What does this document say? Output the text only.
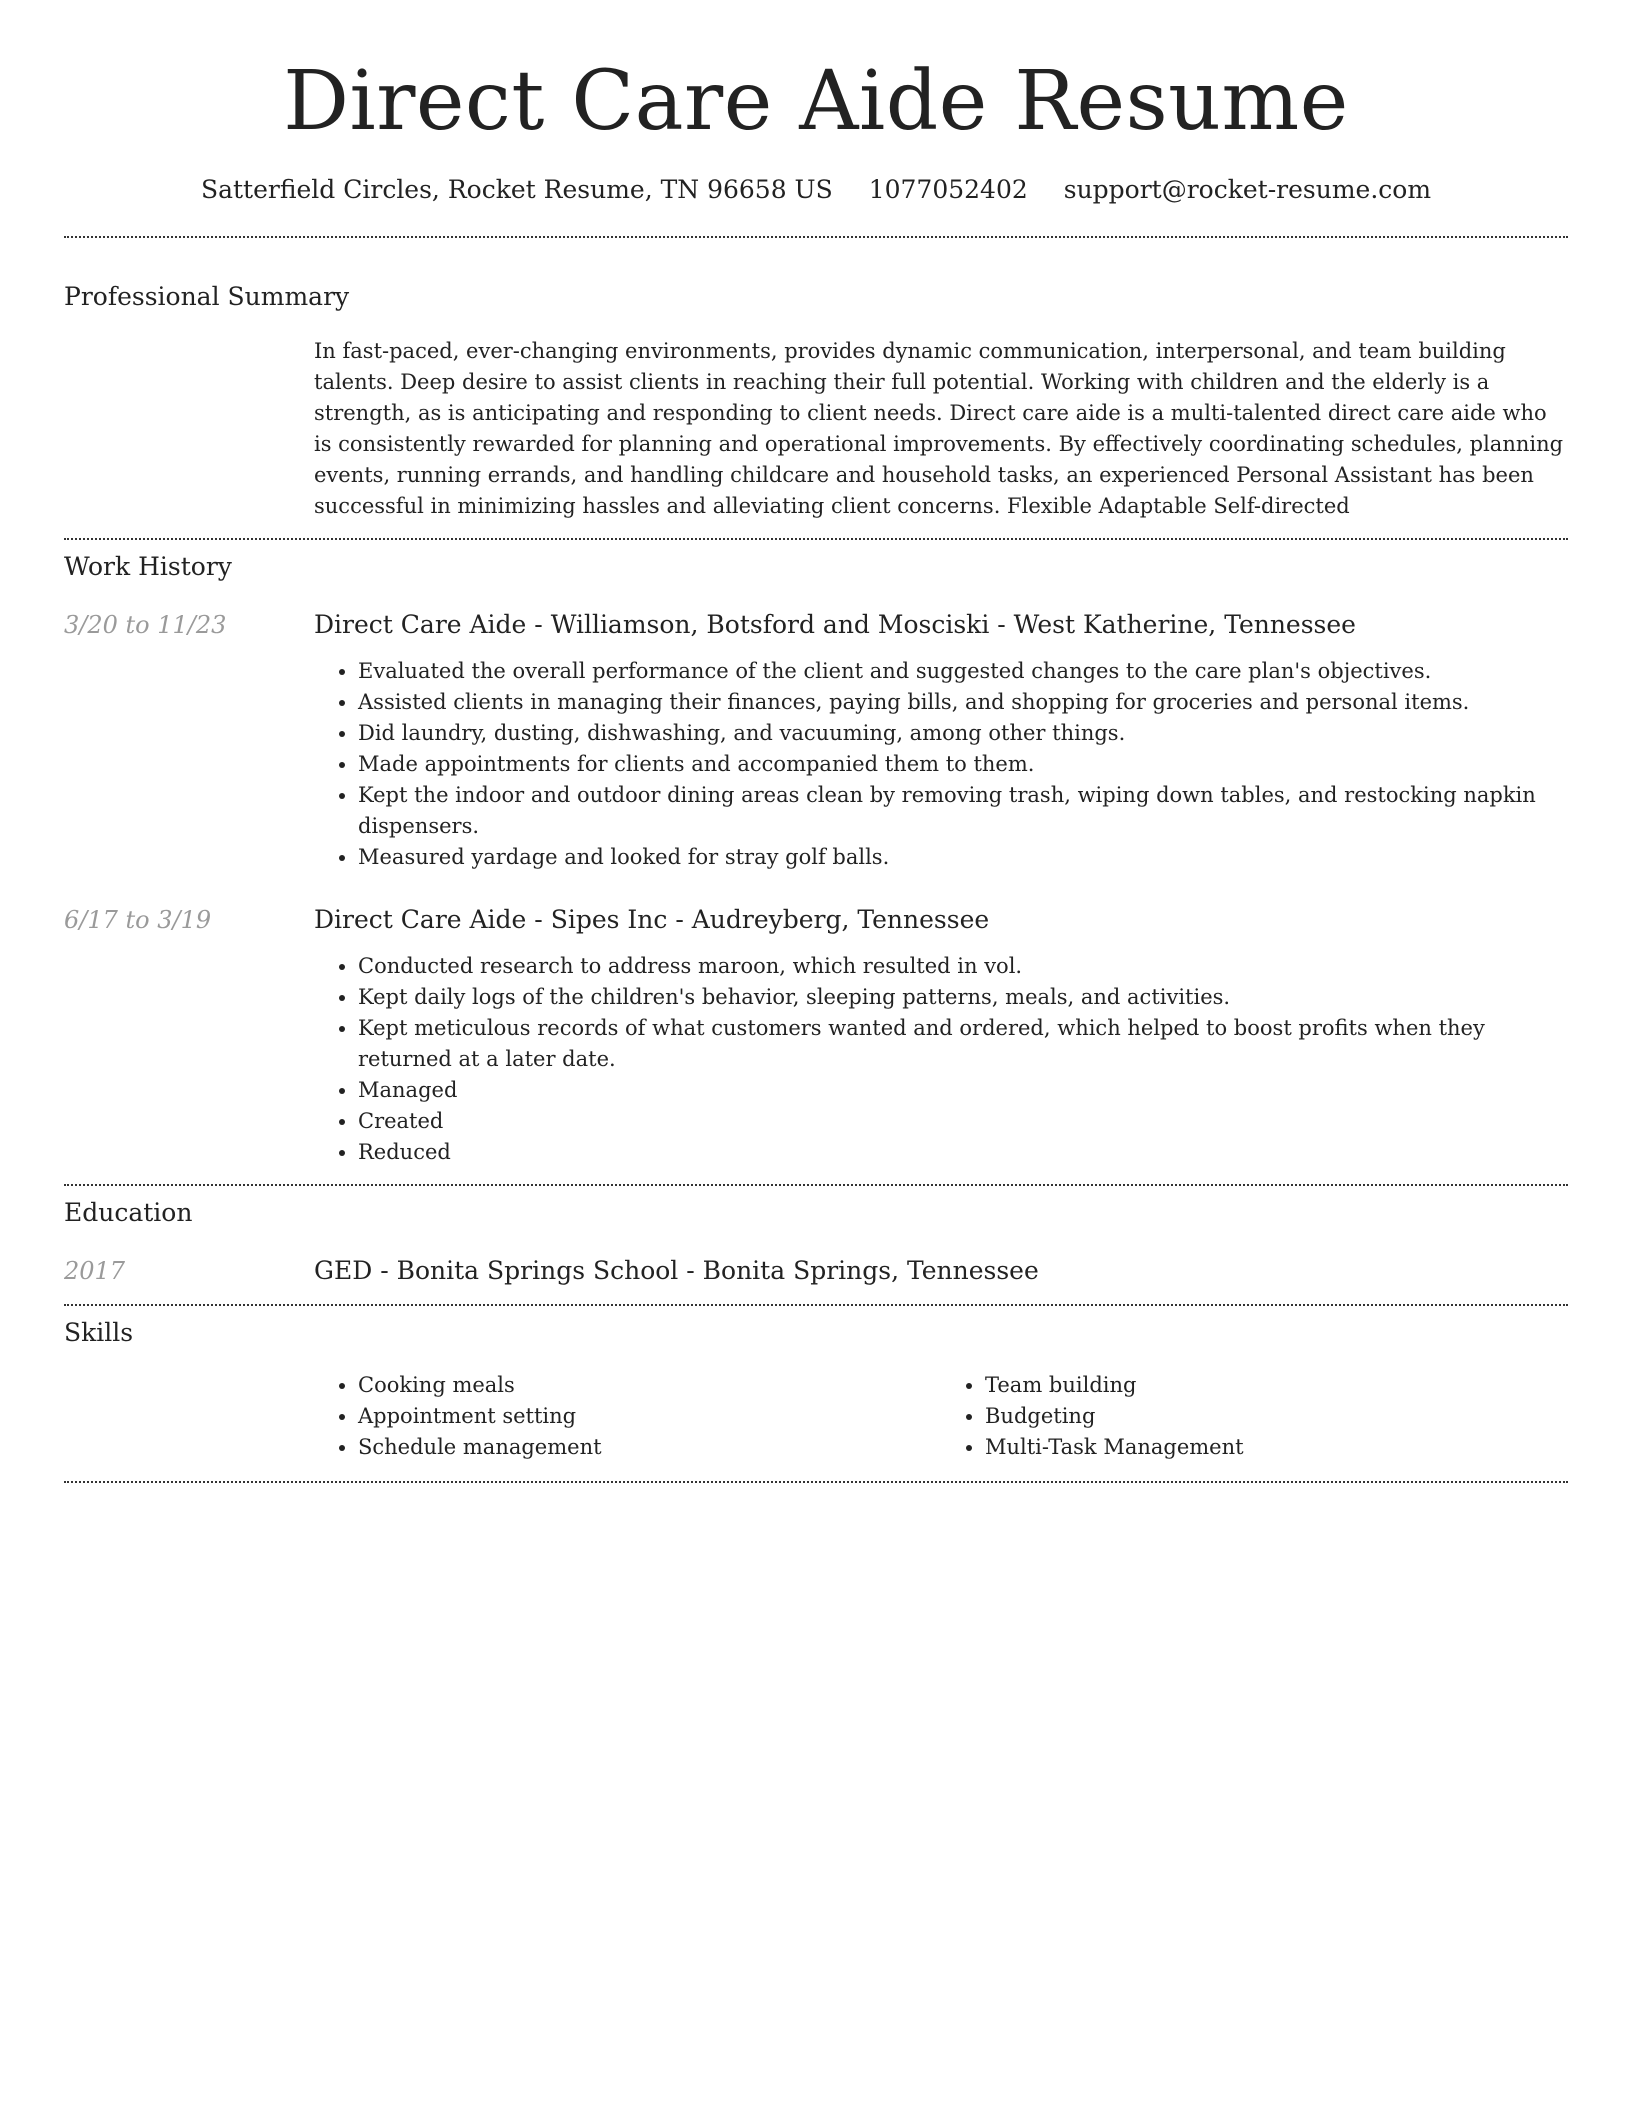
Direct Care Aide Resume
Satterfield Circles, Rocket Resume, TN 96658 US 1077052402 support@rocket-resume.com
Professional Summary

In fast-paced, ever-changing environments, provides dynamic communication, interpersonal, and team building talents. Deep desire to assist clients in reaching their full potential. Working with children and the elderly is a strength, as is anticipating and responding to client needs. Direct care aide is a multi-talented direct care aide who is consistently rewarded for planning and operational improvements. By effectively coordinating schedules, planning events, running errands, and handling childcare and household tasks, an experienced Personal Assistant has been successful in minimizing hassles and alleviating client concerns. Flexible Adaptable Self-directed

Work History
3/20 to 11/23	Direct Care Aide - Williamson, Botsford and Mosciski - West Katherine, Tennessee

• Evaluated the overall performance of the client and suggested changes to the care plan's objectives.
• Assisted clients in managing their finances, paying bills, and shopping for groceries and personal items.
• Did laundry, dusting, dishwashing, and vacuuming, among other things.
• Made appointments for clients and accompanied them to them.
• Kept the indoor and outdoor dining areas clean by removing trash, wiping down tables, and restocking napkin dispensers.
• Measured yardage and looked for stray golf balls.
6/17 to 3/19	Direct Care Aide - Sipes Inc - Audreyberg, Tennessee

• Conducted research to address maroon, which resulted in vol.
• Kept daily logs of the children's behavior, sleeping patterns, meals, and activities.
• Kept meticulous records of what customers wanted and ordered, which helped to boost profits when they returned at a later date.
• Managed
• Created
• Reduced
Education
2017	GED - Bonita Springs School - Bonita Springs, Tennessee

Skills
• Cooking meals
• Appointment setting
• Schedule management
• Team building
• Budgeting
• Multi-Task Management
